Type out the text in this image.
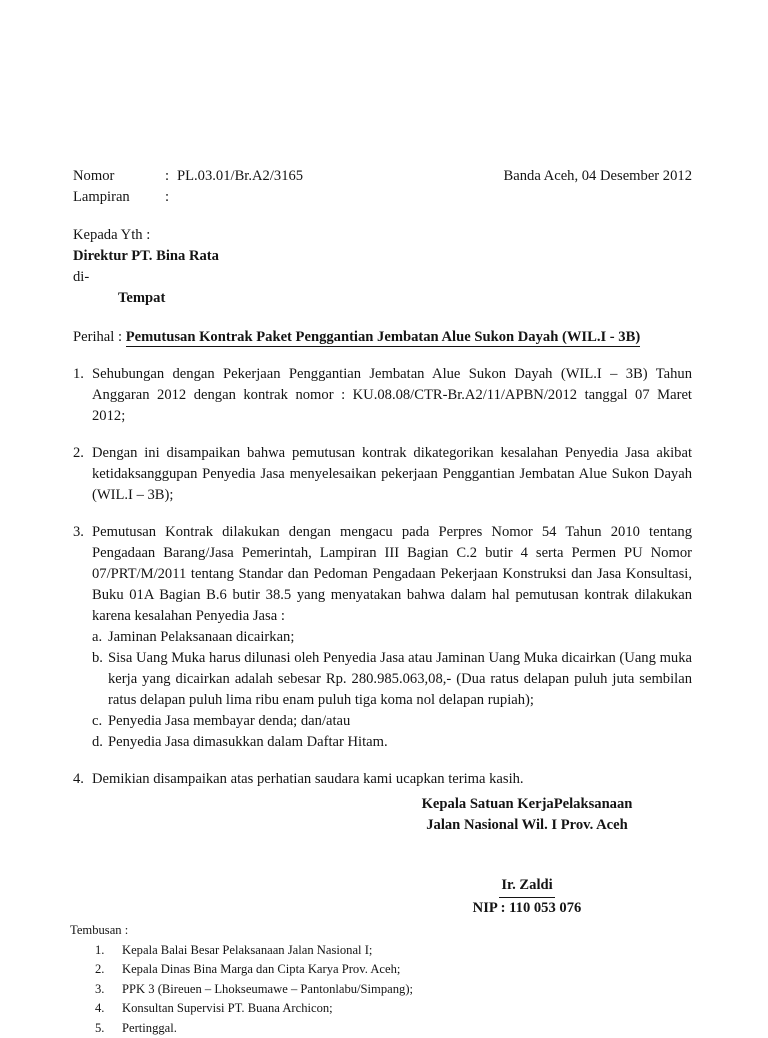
Nomor	: PL.03.01/Br.A2/3165
Lampiran :
Banda Aceh, 04 Desember 2012
Kepada Yth :
Direktur PT. Bina Rata
di-
Tempat
Perihal : Pemutusan Kontrak Paket Penggantian Jembatan Alue Sukon Dayah (WIL.I - 3B)
1. Sehubungan dengan Pekerjaan Penggantian Jembatan Alue Sukon Dayah (WIL.I – 3B) Tahun Anggaran 2012 dengan kontrak nomor : KU.08.08/CTR-Br.A2/11/APBN/2012 tanggal 07 Maret 2012;
2. Dengan ini disampaikan bahwa pemutusan kontrak dikategorikan kesalahan Penyedia Jasa akibat ketidaksanggupan Penyedia Jasa menyelesaikan pekerjaan Penggantian Jembatan Alue Sukon Dayah (WIL.I – 3B);
3. Pemutusan Kontrak dilakukan dengan mengacu pada Perpres Nomor 54 Tahun 2010 tentang Pengadaan Barang/Jasa Pemerintah, Lampiran III Bagian C.2 butir 4 serta Permen PU Nomor 07/PRT/M/2011 tentang Standar dan Pedoman Pengadaan Pekerjaan Konstruksi dan Jasa Konsultasi, Buku 01A Bagian B.6 butir 38.5 yang menyatakan bahwa dalam hal pemutusan kontrak dilakukan karena kesalahan Penyedia Jasa :
a. Jaminan Pelaksanaan dicairkan;
b. Sisa Uang Muka harus dilunasi oleh Penyedia Jasa atau Jaminan Uang Muka dicairkan (Uang muka kerja yang dicairkan adalah sebesar Rp. 280.985.063,08,- (Dua ratus delapan puluh juta sembilan ratus delapan puluh lima ribu enam puluh tiga koma nol delapan rupiah);
c. Penyedia Jasa membayar denda; dan/atau
d. Penyedia Jasa dimasukkan dalam Daftar Hitam.
4. Demikian disampaikan atas perhatian saudara kami ucapkan terima kasih.
Kepala Satuan KerjaPelaksanaan
Jalan Nasional Wil. I Prov. Aceh
Ir. Zaldi
NIP : 110 053 076
Tembusan :
1.	Kepala Balai Besar Pelaksanaan Jalan Nasional I;
2.	Kepala Dinas Bina Marga dan Cipta Karya Prov. Aceh;
3.	PPK 3 (Bireuen – Lhokseumawe – Pantonlabu/Simpang);
4.	Konsultan Supervisi PT. Buana Archicon;
5.	Pertinggal.
